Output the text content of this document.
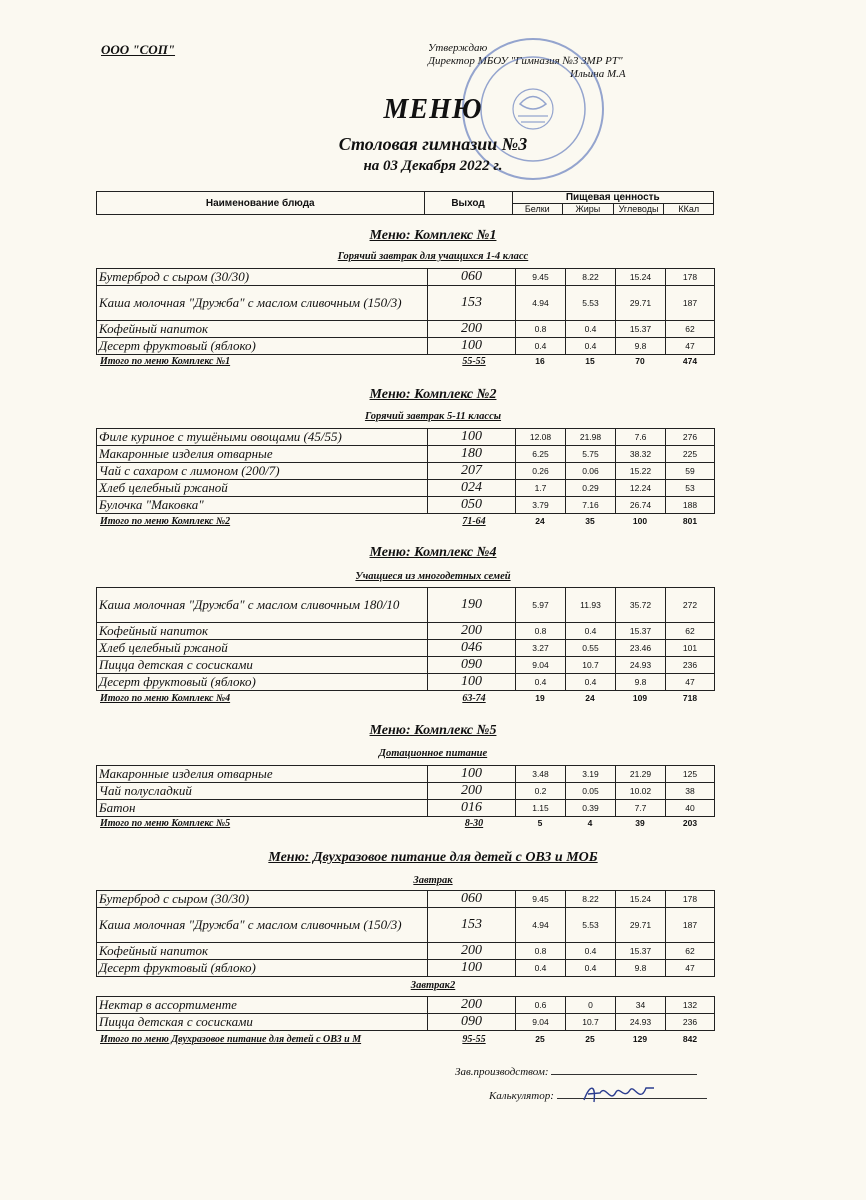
ООО "СОП"	Утверждаю
Директор МБОУ "Гимназия №3 ЗМР РТ"
Ильина М.А
МЕНЮ
Столовая гимназии №3
на 03 Декабря 2022 г.
Наименование блюда	Выход	Пищевая ценность			
		Белки	Жиры	Углеводы	ККал
Меню: Комплекс №1
Горячий завтрак для учащихся 1-4 класс
Бутерброд с сыром (30/30)	060	9.45	8.22	15.24	178
Каша молочная "Дружба" с маслом сливочным (150/3)	153	4.94	5.53	29.71	187
Кофейный напиток	200	0.8	0.4	15.37	62
Десерт фруктовый (яблоко)	100	0.4	0.4	9.8	47
Итого по меню Комплекс №1	55-55	16	15	70	474
Меню: Комплекс №2
Горячий завтрак 5-11 классы
Филе куриное с тушёными овощами (45/55)	100	12.08	21.98	7.6	276
Макаронные изделия отварные	180	6.25	5.75	38.32	225
Чай с сахаром с лимоном (200/7)	207	0.26	0.06	15.22	59
Хлеб целебный ржаной	024	1.7	0.29	12.24	53
Булочка "Маковка"	050	3.79	7.16	26.74	188
Итого по меню Комплекс №2	71-64	24	35	100	801
Меню: Комплекс №4
Учащиеся из многодетных семей
Каша молочная "Дружба" с маслом сливочным 180/10	190	5.97	11.93	35.72	272
Кофейный напиток	200	0.8	0.4	15.37	62
Хлеб целебный ржаной	046	3.27	0.55	23.46	101
Пицца детская с сосисками	090	9.04	10.7	24.93	236
Десерт фруктовый (яблоко)	100	0.4	0.4	9.8	47
Итого по меню Комплекс №4	63-74	19	24	109	718
Меню: Комплекс №5
Дотационное питание
Макаронные изделия отварные	100	3.48	3.19	21.29	125
Чай полусладкий	200	0.2	0.05	10.02	38
Батон	016	1.15	0.39	7.7	40
Итого по меню Комплекс №5	8-30	5	4	39	203
Меню: Двухразовое питание для детей с ОВЗ и МОБ
Завтрак
Бутерброд с сыром (30/30)	060	9.45	8.22	15.24	178
Каша молочная "Дружба" с маслом сливочным (150/3)	153	4.94	5.53	29.71	187
Кофейный напиток	200	0.8	0.4	15.37	62
Десерт фруктовый (яблоко)	100	0.4	0.4	9.8	47
Завтрак2
Нектар в ассортименте	200	0.6	0	34	132
Пицца детская с сосисками	090	9.04	10.7	24.93	236
Итого по меню Двухразовое питание для детей с ОВЗ и М	95-55	25	25	129	842
Зав.производством:
Калькулятор:
